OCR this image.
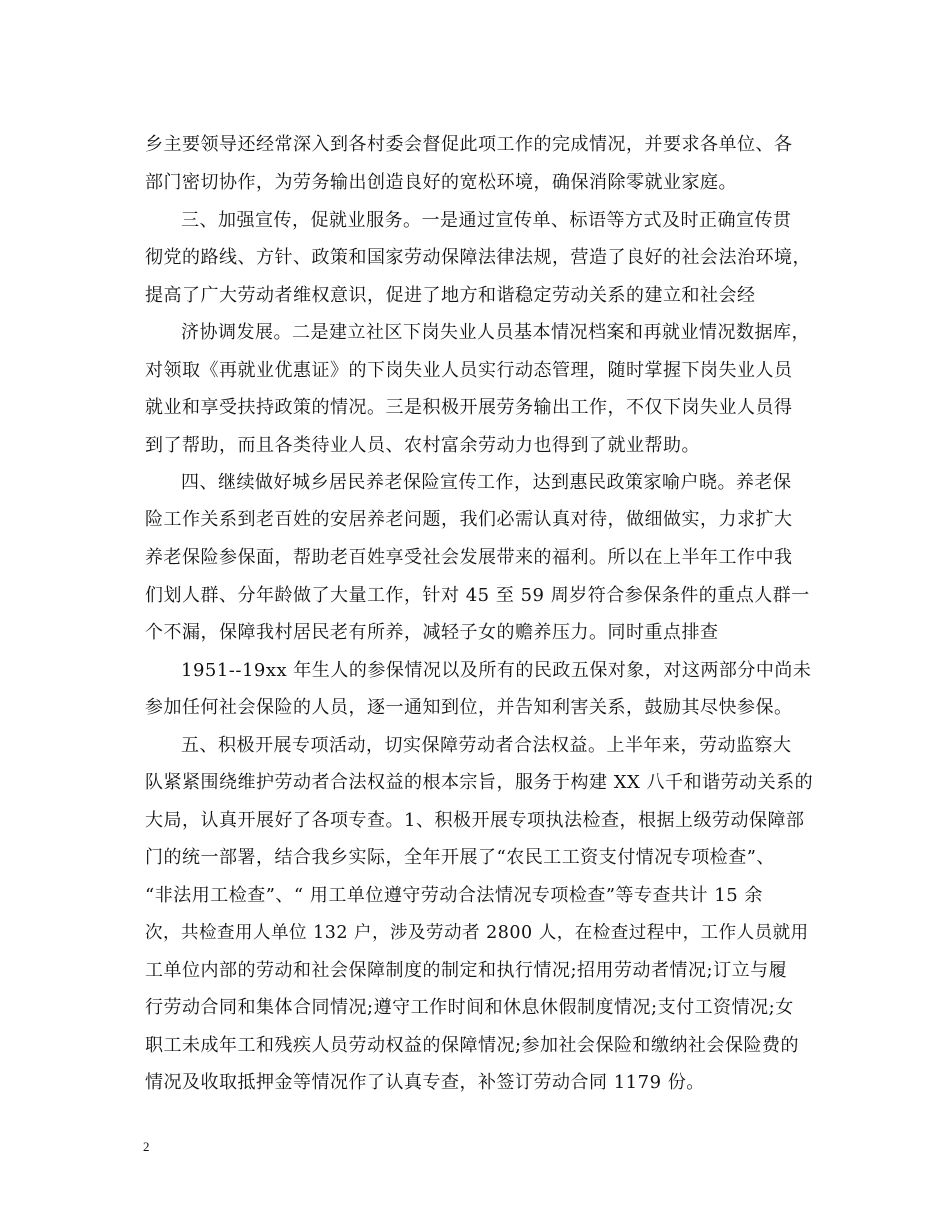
乡主要领导还经常深入到各村委会督促此项工作的完成情况，并要求各单位、各
部门密切协作，为劳务输出创造良好的宽松环境，确保消除零就业家庭。
三、加强宣传，促就业服务。一是通过宣传单、标语等方式及时正确宣传贯
彻党的路线、方针、政策和国家劳动保障法律法规，营造了良好的社会法治环境，
提高了广大劳动者维权意识，促进了地方和谐稳定劳动关系的建立和社会经
济协调发展。二是建立社区下岗失业人员基本情况档案和再就业情况数据库，
对领取《再就业优惠证》的下岗失业人员实行动态管理，随时掌握下岗失业人员
就业和享受扶持政策的情况。三是积极开展劳务输出工作，不仅下岗失业人员得
到了帮助，而且各类待业人员、农村富余劳动力也得到了就业帮助。
四、继续做好城乡居民养老保险宣传工作，达到惠民政策家喻户晓。养老保
险工作关系到老百姓的安居养老问题，我们必需认真对待，做细做实，力求扩大
养老保险参保面，帮助老百姓享受社会发展带来的福利。所以在上半年工作中我
们划人群、分年龄做了大量工作，针对 45 至 59 周岁符合参保条件的重点人群一
个不漏，保障我村居民老有所养，减轻子女的赡养压力。同时重点排查
1951--19xx 年生人的参保情况以及所有的民政五保对象，对这两部分中尚未
参加任何社会保险的人员，逐一通知到位，并告知利害关系，鼓励其尽快参保。
五、积极开展专项活动，切实保障劳动者合法权益。上半年来，劳动监察大
队紧紧围绕维护劳动者合法权益的根本宗旨，服务于构建 XX 八千和谐劳动关系的
大局，认真开展好了各项专查。1、积极开展专项执法检查，根据上级劳动保障部
门的统一部署，结合我乡实际，全年开展了“农民工工资支付情况专项检查”、
“非法用工检查”、“ 用工单位遵守劳动合法情况专项检查”等专查共计 15 余
次，共检查用人单位 132 户，涉及劳动者 2800 人，在检查过程中，工作人员就用
工单位内部的劳动和社会保障制度的制定和执行情况;招用劳动者情况;订立与履
行劳动合同和集体合同情况;遵守工作时间和休息休假制度情况;支付工资情况;女
职工未成年工和残疾人员劳动权益的保障情况;参加社会保险和缴纳社会保险费的
情况及收取抵押金等情况作了认真专查，补签订劳动合同 1179 份。
2
